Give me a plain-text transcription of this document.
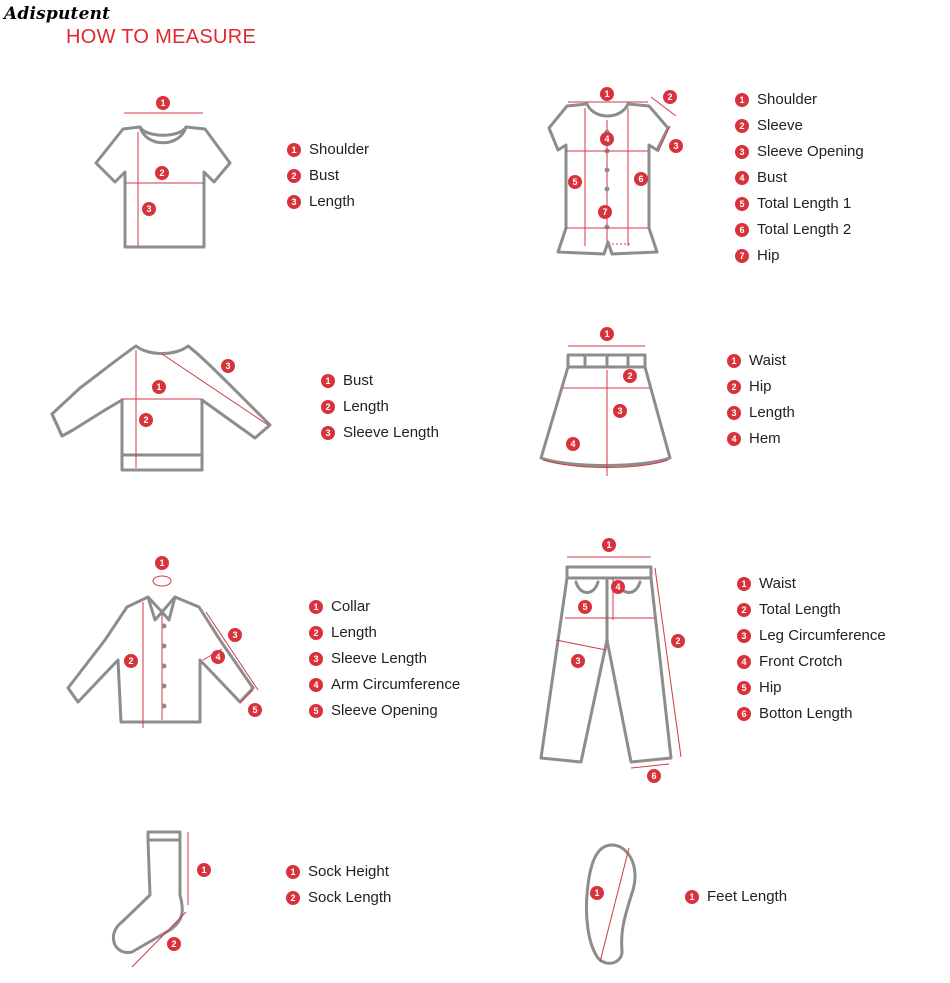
Adisputent
HOW TO MEASURE
1 Shoulder
2 Bust
3 Length
1 Shoulder
2 Sleeve
3 Sleeve Opening
4 Bust
5 Total Length 1
6 Total Length 2
7 Hip
1 Bust
2 Length
3 Sleeve Length
1 Waist
2 Hip
3 Length
4 Hem
1 Collar
2 Length
3 Sleeve Length
4 Arm Circumference
5 Sleeve Opening
1 Waist
2 Total Length
3 Leg Circumference
4 Front Crotch
5 Hip
6 Botton Length
1 Sock Height
2 Sock Length	1 Feet Length
1
2
3
1	2
3
4
5	6
7
1
2
3
1
2
3
4
1
2
3
4
5
1
2
3
4
5
6
1
2
1
